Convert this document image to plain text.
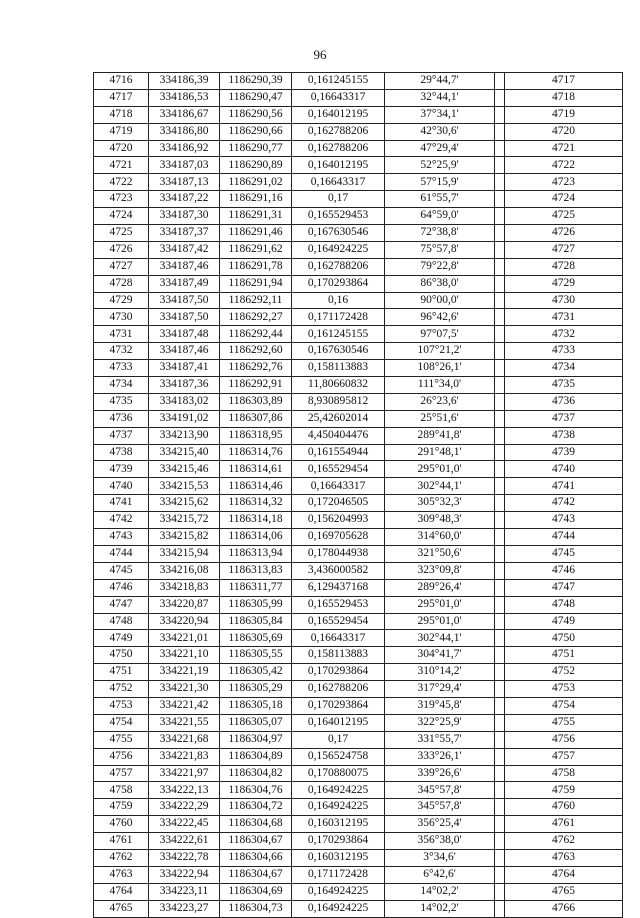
96
4716	334186,39	1186290,39	0,161245155	29°44,7'		4717
4717	334186,53	1186290,47	0,16643317	32°44,1'		4718
4718	334186,67	1186290,56	0,164012195	37°34,1'		4719
4719	334186,80	1186290,66	0,162788206	42°30,6'		4720
4720	334186,92	1186290,77	0,162788206	47°29,4'		4721
4721	334187,03	1186290,89	0,164012195	52°25,9'		4722
4722	334187,13	1186291,02	0,16643317	57°15,9'		4723
4723	334187,22	1186291,16	0,17	61°55,7'		4724
4724	334187,30	1186291,31	0,165529453	64°59,0'		4725
4725	334187,37	1186291,46	0,167630546	72°38,8'		4726
4726	334187,42	1186291,62	0,164924225	75°57,8'		4727
4727	334187,46	1186291,78	0,162788206	79°22,8'		4728
4728	334187,49	1186291,94	0,170293864	86°38,0'		4729
4729	334187,50	1186292,11	0,16	90°00,0'		4730
4730	334187,50	1186292,27	0,171172428	96°42,6'		4731
4731	334187,48	1186292,44	0,161245155	97°07,5'		4732
4732	334187,46	1186292,60	0,167630546	107°21,2'		4733
4733	334187,41	1186292,76	0,158113883	108°26,1'		4734
4734	334187,36	1186292,91	11,80660832	111°34,0'		4735
4735	334183,02	1186303,89	8,930895812	26°23,6'		4736
4736	334191,02	1186307,86	25,42602014	25°51,6'		4737
4737	334213,90	1186318,95	4,450404476	289°41,8'		4738
4738	334215,40	1186314,76	0,161554944	291°48,1'		4739
4739	334215,46	1186314,61	0,165529454	295°01,0'		4740
4740	334215,53	1186314,46	0,16643317	302°44,1'		4741
4741	334215,62	1186314,32	0,172046505	305°32,3'		4742
4742	334215,72	1186314,18	0,156204993	309°48,3'		4743
4743	334215,82	1186314,06	0,169705628	314°60,0'		4744
4744	334215,94	1186313,94	0,178044938	321°50,6'		4745
4745	334216,08	1186313,83	3,436000582	323°09,8'		4746
4746	334218,83	1186311,77	6,129437168	289°26,4'		4747
4747	334220,87	1186305,99	0,165529453	295°01,0'		4748
4748	334220,94	1186305,84	0,165529454	295°01,0'		4749
4749	334221,01	1186305,69	0,16643317	302°44,1'		4750
4750	334221,10	1186305,55	0,158113883	304°41,7'		4751
4751	334221,19	1186305,42	0,170293864	310°14,2'		4752
4752	334221,30	1186305,29	0,162788206	317°29,4'		4753
4753	334221,42	1186305,18	0,170293864	319°45,8'		4754
4754	334221,55	1186305,07	0,164012195	322°25,9'		4755
4755	334221,68	1186304,97	0,17	331°55,7'		4756
4756	334221,83	1186304,89	0,156524758	333°26,1'		4757
4757	334221,97	1186304,82	0,170880075	339°26,6'		4758
4758	334222,13	1186304,76	0,164924225	345°57,8'		4759
4759	334222,29	1186304,72	0,164924225	345°57,8'		4760
4760	334222,45	1186304,68	0,160312195	356°25,4'		4761
4761	334222,61	1186304,67	0,170293864	356°38,0'		4762
4762	334222,78	1186304,66	0,160312195	3°34,6'		4763
4763	334222,94	1186304,67	0,171172428	6°42,6'		4764
4764	334223,11	1186304,69	0,164924225	14°02,2'		4765
4765	334223,27	1186304,73	0,164924225	14°02,2'		4766
